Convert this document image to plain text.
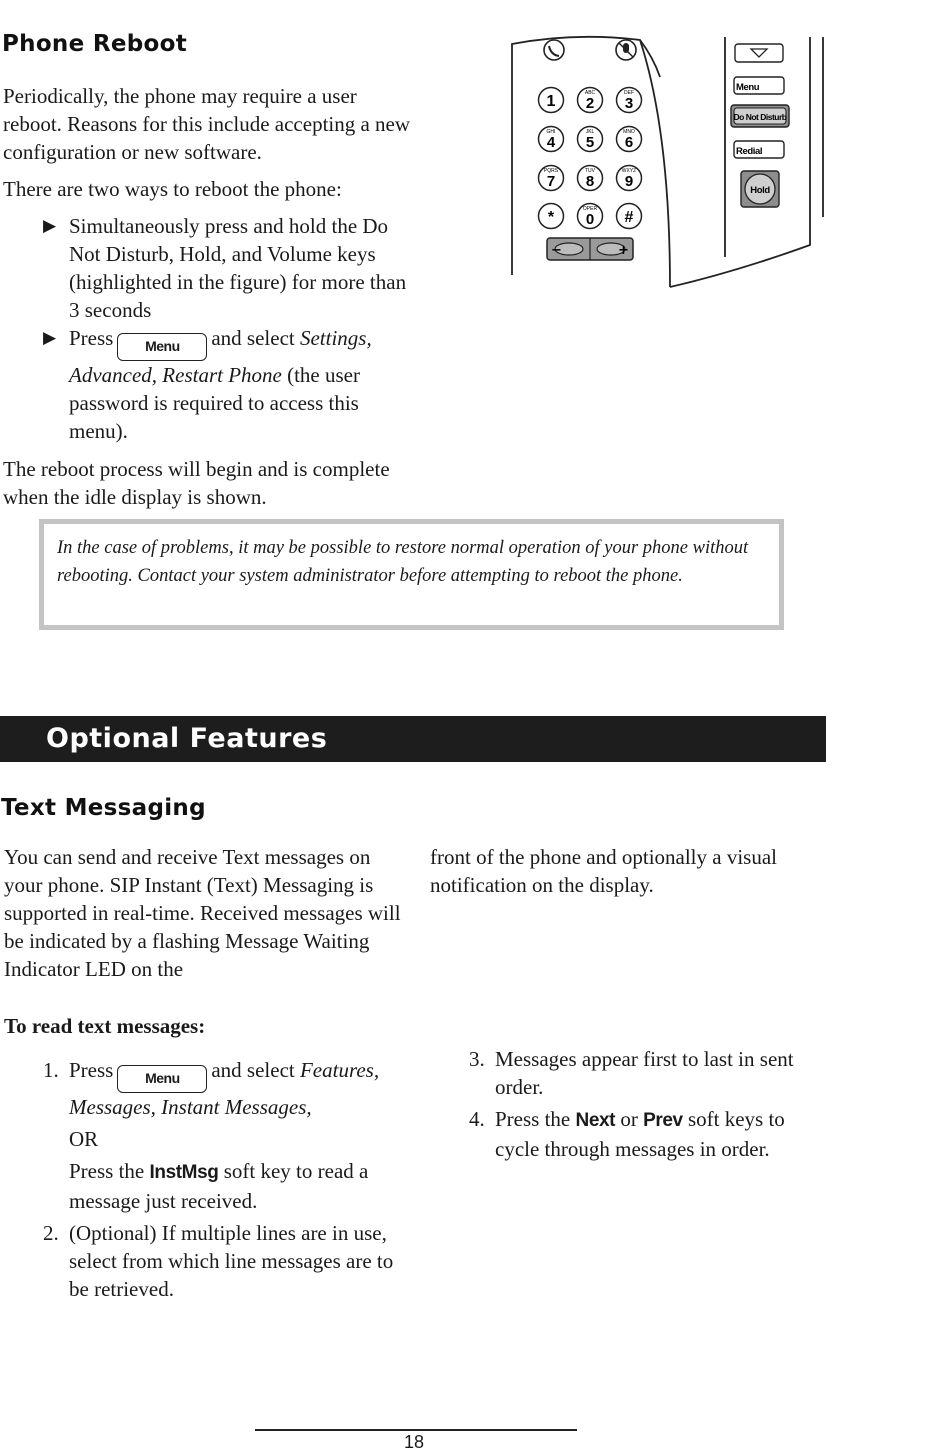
Phone Reboot

Periodically, the phone may require a user reboot. Reasons for this include accepting a new configuration or new software.

There are two ways to reboot the phone:

▶ Simultaneously press and hold the Do Not Disturb, Hold, and Volume keys (highlighted in the figure) for more than 3 seconds
▶ Press Menu and select Settings, Advanced, Restart Phone (the user password is required to access this menu).

The reboot process will begin and is complete when the idle display is shown.

1	ABC
2
DEF
3
GHI
4
JKL
5
MNO
6
PQRS
7
TUV
8
WXYZ
9
*	OPER
0 #
−	+
Menu
Do Not Disturb
Redial
Hold
In the case of problems, it may be possible to restore normal operation of your phone without rebooting. Contact your system administrator before attempting to reboot the phone.
Optional Features
Text Messaging
You can send and receive Text messages on your phone. SIP Instant (Text) Messaging is supported in real-time. Received messages will be indicated by a flashing Message Waiting Indicator LED on the
front of the phone and optionally a visual notification on the display.
To read text messages:
1. Press Menu and select Features, Messages, Instant Messages,

OR

Press the InstMsg soft key to read a message just received.

2. (Optional) If multiple lines are in use, select from which line messages are to be retrieved.

3. Messages appear first to last in sent order.

4. Press the Next or Prev soft keys to cycle through messages in order.

18
